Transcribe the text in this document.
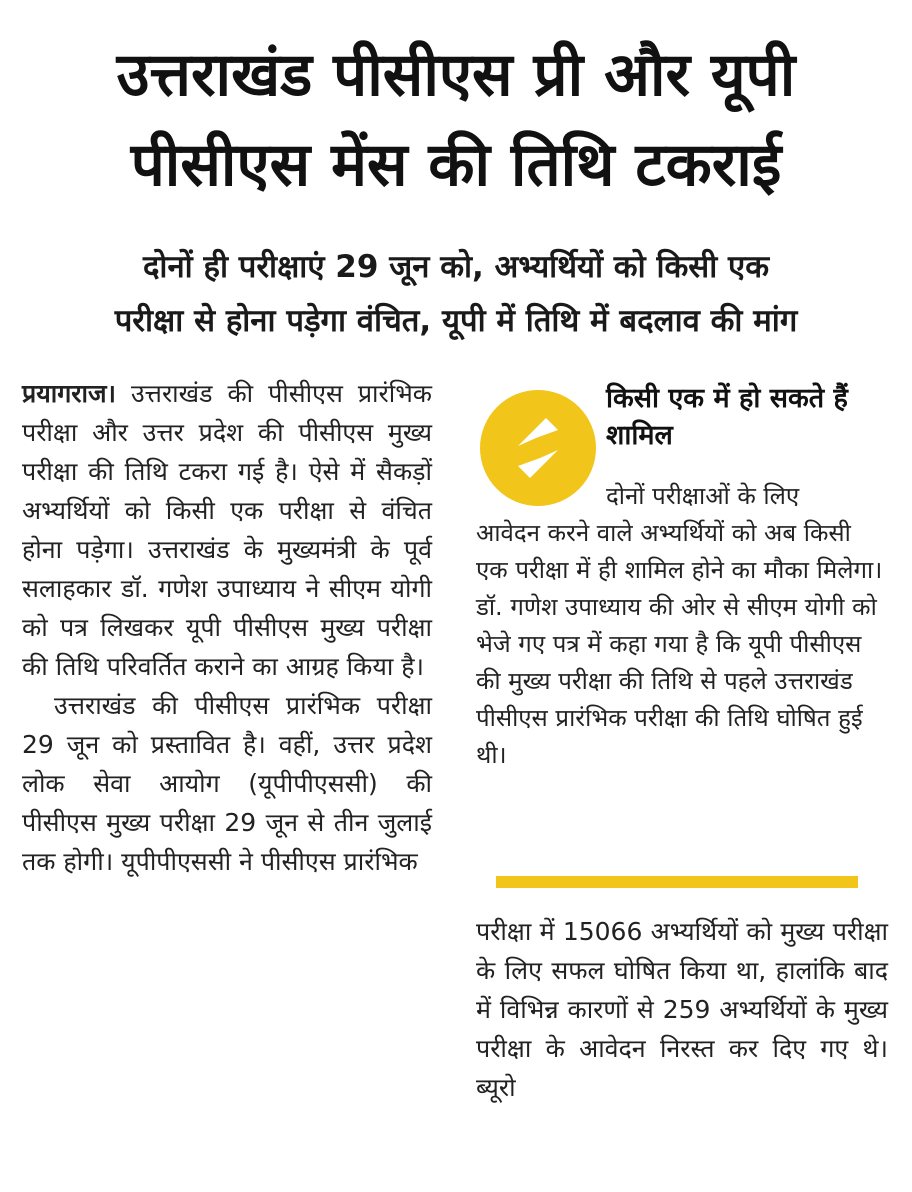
उत्तराखंड पीसीएस प्री और यूपी
पीसीएस मेंस की तिथि टकराई
दोनों ही परीक्षाएं 29 जून को, अभ्यर्थियों को किसी एक
परीक्षा से होना पड़ेगा वंचित, यूपी में तिथि में बदलाव की मांग

प्रयागराज। उत्तराखंड की पीसीएस प्रारंभिक परीक्षा और उत्तर प्रदेश की पीसीएस मुख्य परीक्षा की तिथि टकरा गई है। ऐसे में सैकड़ों अभ्यर्थियों को किसी एक परीक्षा से वंचित होना पड़ेगा। उत्तराखंड के मुख्यमंत्री के पूर्व सलाहकार डॉ. गणेश उपाध्याय ने सीएम योगी को पत्र लिखकर यूपी पीसीएस मुख्य परीक्षा की तिथि परिवर्तित कराने का आग्रह किया है।

उत्तराखंड की पीसीएस प्रारंभिक परीक्षा 29 जून को प्रस्तावित है। वहीं, उत्तर प्रदेश लोक सेवा आयोग (यूपीपीएससी) की पीसीएस मुख्य परीक्षा 29 जून से तीन जुलाई तक होगी। यूपीपीएससी ने पीसीएस प्रारंभिक

किसी एक में हो सकते हैं शामिल
दोनों परीक्षाओं के लिए
आवेदन करने वाले अभ्यर्थियों को अब किसी एक परीक्षा में ही शामिल होने का मौका मिलेगा। डॉ. गणेश उपाध्याय की ओर से सीएम योगी को भेजे गए पत्र में कहा गया है कि यूपी पीसीएस की मुख्य परीक्षा की तिथि से पहले उत्तराखंड पीसीएस प्रारंभिक परीक्षा की तिथि घोषित हुई थी।

परीक्षा में 15066 अभ्यर्थियों को मुख्य परीक्षा के लिए सफल घोषित किया था, हालांकि बाद में विभिन्न कारणों से 259 अभ्यर्थियों के मुख्य परीक्षा के आवेदन निरस्त कर दिए गए थे। ब्यूरो
